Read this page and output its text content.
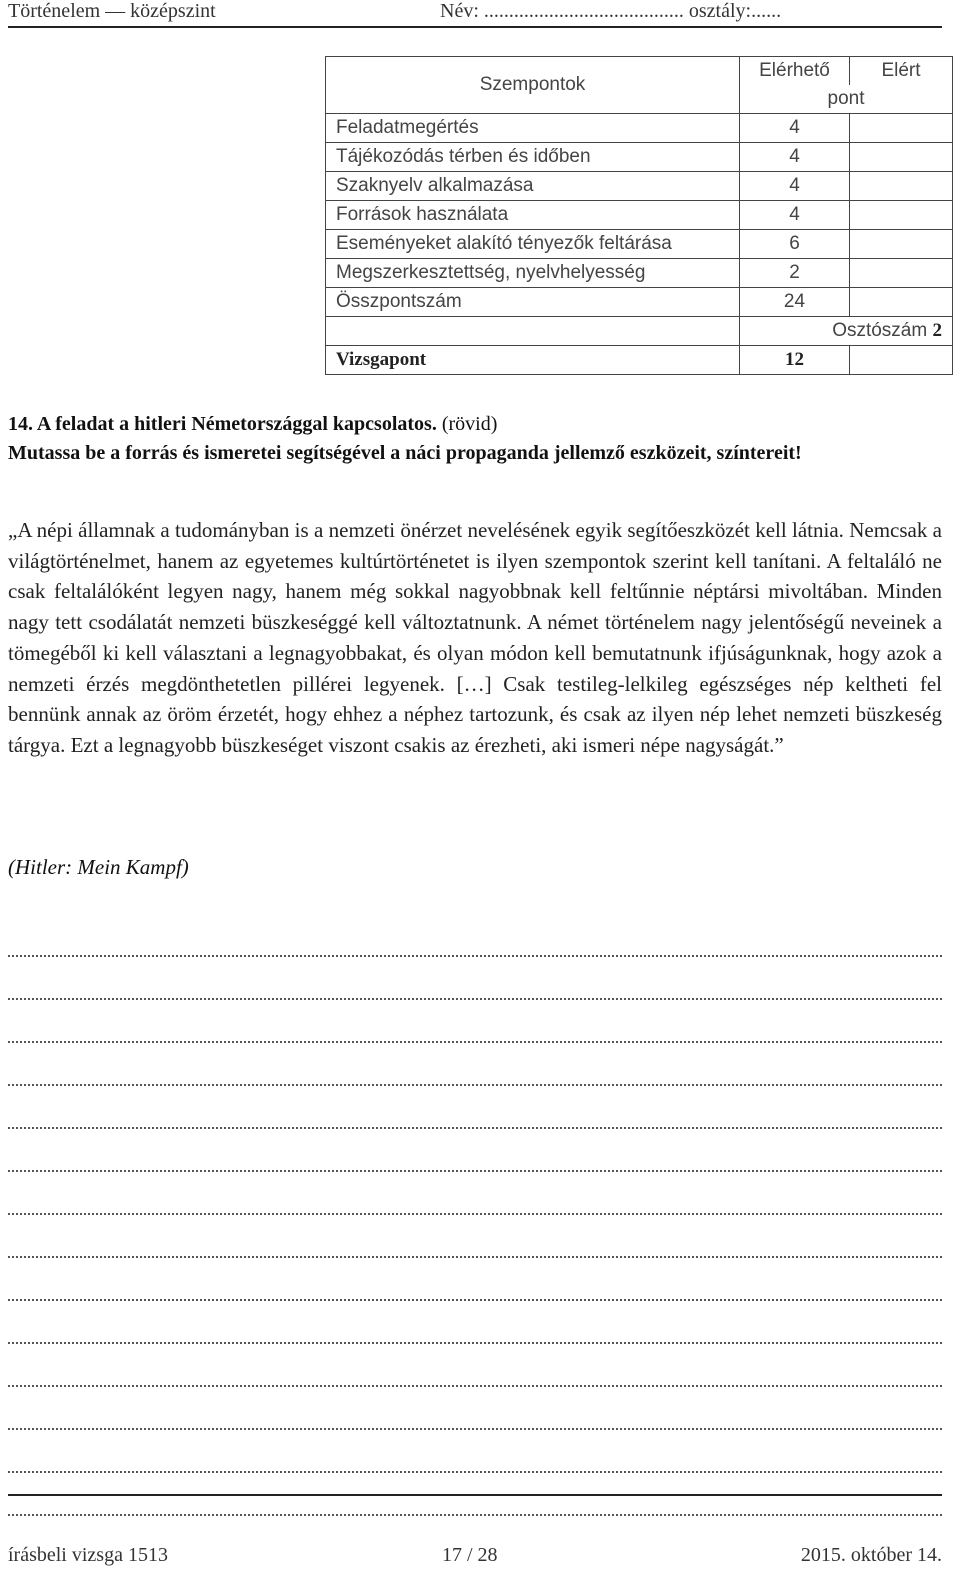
Történelem — középszint	Név: ........................................ osztály:......
Szempontok	Elérhető	Elért
	pont	
Feladatmegértés	4	
Tájékozódás térben és időben	4	
Szaknyelv alkalmazása	4	
Források használata	4	
Eseményeket alakító tényezők feltárása	6	
Megszerkesztettség, nyelvhelyesség	2	
Összpontszám	24	
	Osztószám 2	
Vizsgapont	12	
14. A feladat a hitleri Németországgal kapcsolatos. (rövid)
Mutassa be a forrás és ismeretei segítségével a náci propaganda jellemző eszközeit, színtereit!
„A népi államnak a tudományban is a nemzeti önérzet nevelésének egyik segítőeszközét kell látnia. Nemcsak a világtörténelmet, hanem az egyetemes kultúrtörténetet is ilyen szempontok szerint kell tanítani. A feltaláló ne csak feltalálóként legyen nagy, hanem még sokkal nagyobbnak kell feltűnnie néptársi mivoltában. Minden nagy tett csodálatát nemzeti büszkeséggé kell változtatnunk. A német történelem nagy jelentőségű neveinek a tömegéből ki kell választani a legnagyobbakat, és olyan módon kell bemutatnunk ifjúságunknak, hogy azok a nemzeti érzés megdönthetetlen pillérei legyenek. […] Csak testileg-lelkileg egészséges nép keltheti fel bennünk annak az öröm érzetét, hogy ehhez a néphez tartozunk, és csak az ilyen nép lehet nemzeti büszkeség tárgya. Ezt a legnagyobb büszkeséget viszont csakis az érezheti, aki ismeri népe nagyságát.”
(Hitler: Mein Kampf)
írásbeli vizsga 1513	17 / 28	2015. október 14.
